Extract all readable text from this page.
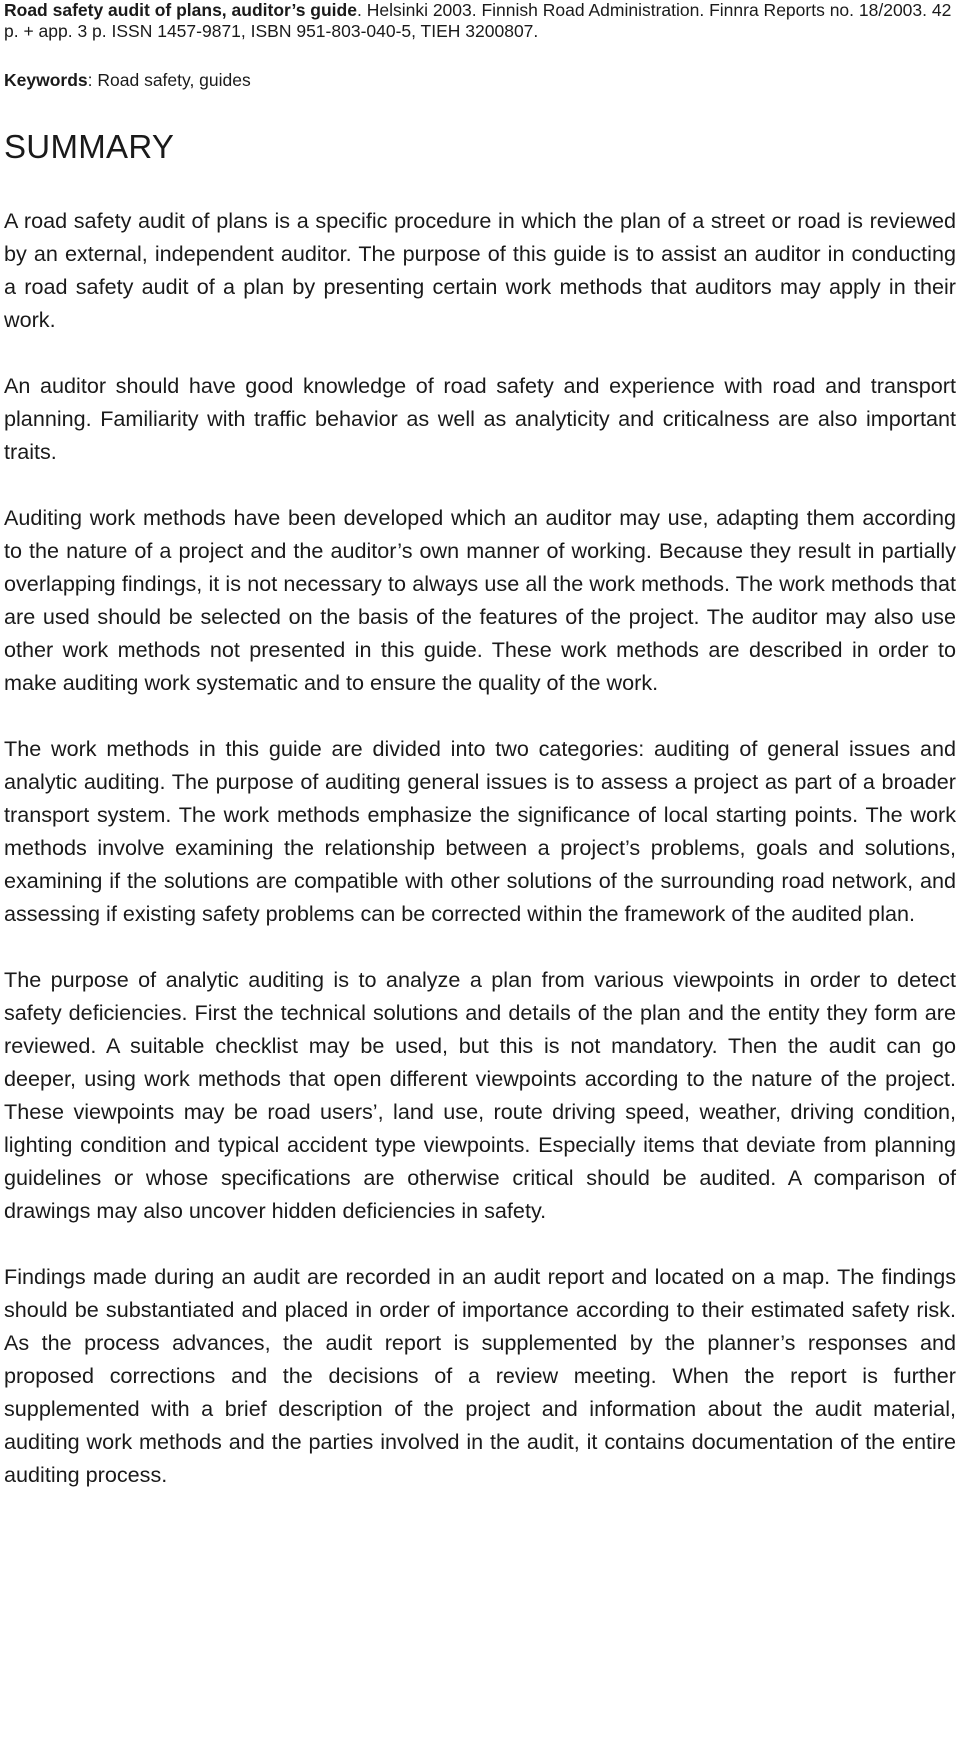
Road safety audit of plans, auditor’s guide. Helsinki 2003. Finnish Road Administration. Finnra Reports no. 18/2003. 42 p. + app. 3 p. ISSN 1457-9871, ISBN 951-803-040-5, TIEH 3200807.

Keywords: Road safety, guides

SUMMARY

A road safety audit of plans is a specific procedure in which the plan of a street or road is reviewed by an external, independent auditor. The purpose of this guide is to assist an auditor in conducting a road safety audit of a plan by presenting certain work methods that auditors may apply in their work.

An auditor should have good knowledge of road safety and experience with road and transport planning. Familiarity with traffic behavior as well as analyticity and criticalness are also important traits.

Auditing work methods have been developed which an auditor may use, adapting them according to the nature of a project and the auditor’s own manner of working. Because they result in partially overlapping findings, it is not necessary to always use all the work methods. The work methods that are used should be selected on the basis of the features of the project. The auditor may also use other work methods not presented in this guide. These work methods are described in order to make auditing work systematic and to ensure the quality of the work.

The work methods in this guide are divided into two categories: auditing of general issues and analytic auditing. The purpose of auditing general issues is to assess a project as part of a broader transport system. The work methods emphasize the significance of local starting points. The work methods involve examining the relationship between a project’s problems, goals and solutions, examining if the solutions are compatible with other solutions of the surrounding road network, and assessing if existing safety problems can be corrected within the framework of the audited plan.

The purpose of analytic auditing is to analyze a plan from various viewpoints in order to detect safety deficiencies. First the technical solutions and details of the plan and the entity they form are reviewed. A suitable checklist may be used, but this is not mandatory. Then the audit can go deeper, using work methods that open different viewpoints according to the nature of the project. These viewpoints may be road users’, land use, route driving speed, weather, driving condition, lighting condition and typical accident type viewpoints. Especially items that deviate from planning guidelines or whose specifications are otherwise critical should be audited. A comparison of drawings may also uncover hidden deficiencies in safety.

Findings made during an audit are recorded in an audit report and located on a map. The findings should be substantiated and placed in order of importance according to their estimated safety risk. As the process advances, the audit report is supplemented by the planner’s responses and proposed corrections and the decisions of a review meeting. When the report is further supplemented with a brief description of the project and information about the audit material, auditing work methods and the parties involved in the audit, it contains documentation of the entire auditing process.
